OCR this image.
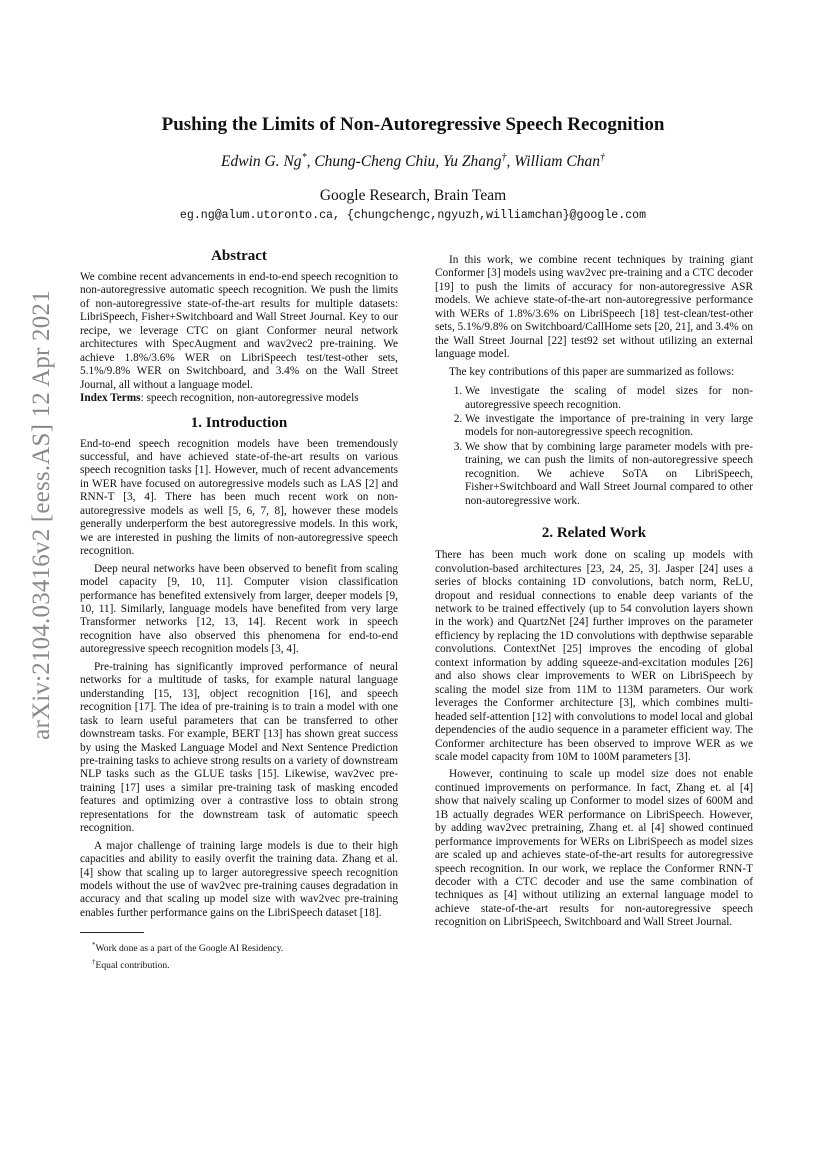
arXiv:2104.03416v2 [eess.AS] 12 Apr 2021
Pushing the Limits of Non-Autoregressive Speech Recognition
Edwin G. Ng*, Chung-Cheng Chiu, Yu Zhang†, William Chan†
Google Research, Brain Team
eg.ng@alum.utoronto.ca, {chungchengc,ngyuzh,williamchan}@google.com
Abstract

We combine recent advancements in end-to-end speech recognition to non-autoregressive automatic speech recognition. We push the limits of non-autoregressive state-of-the-art results for multiple datasets: LibriSpeech, Fisher+Switchboard and Wall Street Journal. Key to our recipe, we leverage CTC on giant Conformer neural network architectures with SpecAugment and wav2vec2 pre-training. We achieve 1.8%/3.6% WER on LibriSpeech test/test-other sets, 5.1%/9.8% WER on Switchboard, and 3.4% on the Wall Street Journal, all without a language model.

Index Terms: speech recognition, non-autoregressive models

1. Introduction

End-to-end speech recognition models have been tremendously successful, and have achieved state-of-the-art results on various speech recognition tasks [1]. However, much of recent advancements in WER have focused on autoregressive models such as LAS [2] and RNN-T [3, 4]. There has been much recent work on non-autoregressive models as well [5, 6, 7, 8], however these models generally underperform the best autoregressive models. In this work, we are interested in pushing the limits of non-autoregressive speech recognition.

Deep neural networks have been observed to benefit from scaling model capacity [9, 10, 11]. Computer vision classification performance has benefited extensively from larger, deeper models [9, 10, 11]. Similarly, language models have benefited from very large Transformer networks [12, 13, 14]. Recent work in speech recognition have also observed this phenomena for end-to-end autoregressive speech recognition models [3, 4].

Pre-training has significantly improved performance of neural networks for a multitude of tasks, for example natural language understanding [15, 13], object recognition [16], and speech recognition [17]. The idea of pre-training is to train a model with one task to learn useful parameters that can be transferred to other downstream tasks. For example, BERT [13] has shown great success by using the Masked Language Model and Next Sentence Prediction pre-training tasks to achieve strong results on a variety of downstream NLP tasks such as the GLUE tasks [15]. Likewise, wav2vec pre-training [17] uses a similar pre-training task of masking encoded features and optimizing over a contrastive loss to obtain strong representations for the downstream task of automatic speech recognition.

A major challenge of training large models is due to their high capacities and ability to easily overfit the training data. Zhang et al. [4] show that scaling up to larger autoregressive speech recognition models without the use of wav2vec pre-training causes degradation in accuracy and that scaling up model size with wav2vec pre-training enables further performance gains on the LibriSpeech dataset [18].

*Work done as a part of the Google AI Residency.
†Equal contribution.

In this work, we combine recent techniques by training giant Conformer [3] models using wav2vec pre-training and a CTC decoder [19] to push the limits of accuracy for non-autoregressive ASR models. We achieve state-of-the-art non-autoregressive performance with WERs of 1.8%/3.6% on LibriSpeech [18] test-clean/test-other sets, 5.1%/9.8% on Switchboard/CallHome sets [20, 21], and 3.4% on the Wall Street Journal [22] test92 set without utilizing an external language model.

The key contributions of this paper are summarized as follows:

1. We investigate the scaling of model sizes for non-autoregressive speech recognition.
2. We investigate the importance of pre-training in very large models for non-autoregressive speech recognition.
3. We show that by combining large parameter models with pre-training, we can push the limits of non-autoregressive speech recognition. We achieve SoTA on LibriSpeech, Fisher+Switchboard and Wall Street Journal compared to other non-autoregressive work.
2. Related Work

There has been much work done on scaling up models with convolution-based architectures [23, 24, 25, 3]. Jasper [24] uses a series of blocks containing 1D convolutions, batch norm, ReLU, dropout and residual connections to enable deep variants of the network to be trained effectively (up to 54 convolution layers shown in the work) and QuartzNet [24] further improves on the parameter efficiency by replacing the 1D convolutions with depthwise separable convolutions. ContextNet [25] improves the encoding of global context information by adding squeeze-and-excitation modules [26] and also shows clear improvements to WER on LibriSpeech by scaling the model size from 11M to 113M parameters. Our work leverages the Conformer architecture [3], which combines multi-headed self-attention [12] with convolutions to model local and global dependencies of the audio sequence in a parameter efficient way. The Conformer architecture has been observed to improve WER as we scale model capacity from 10M to 100M parameters [3].

However, continuing to scale up model size does not enable continued improvements on performance. In fact, Zhang et. al [4] show that naively scaling up Conformer to model sizes of 600M and 1B actually degrades WER performance on LibriSpeech. However, by adding wav2vec pretraining, Zhang et. al [4] showed continued performance improvements for WERs on LibriSpeech as model sizes are scaled up and achieves state-of-the-art results for autoregressive speech recognition. In our work, we replace the Conformer RNN-T decoder with a CTC decoder and use the same combination of techniques as [4] without utilizing an external language model to achieve state-of-the-art results for non-autoregressive speech recognition on LibriSpeech, Switchboard and Wall Street Journal.
